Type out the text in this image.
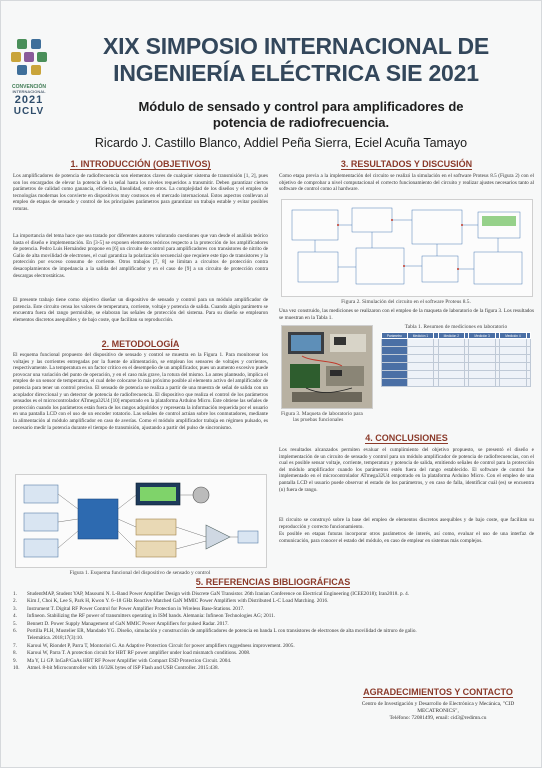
CONVENCIÓN
INTERNACIONAL
2021
UCLV
XIX SIMPOSIO INTERNACIONAL DE
INGENIERÍA ELÉCTRICA SIE 2021
Módulo de sensado y control para amplificadores de
potencia de radiofrecuencia.
Ricardo J. Castillo Blanco, Addiel Peña Sierra, Eciel Acuña Tamayo
1. INTRODUCCIÓN (OBJETIVOS)

Los amplificadores de potencia de radiofrecuencia son elementos claves de cualquier sistema de transmisión [1, 2], pues son los encargados de elevar la potencia de la señal hasta los niveles requeridos a transmitir. Deben garantizar ciertos parámetros de calidad como ganancia, eficiencia, linealidad, entre otros. La complejidad de los diseños y el empleo de tecnologías modernas los convierte en dispositivos muy costosos en el mercado internacional. Estos aspectos conllevan al empleo de etapas de sensado y control de los principales parámetros para garantizar un trabajo estable y evitar posibles roturas.

La importancia del tema hace que sea tratado por diferentes autores valorando cuestiones que van desde el análisis teórico hasta el diseño e implementación. En [3-5] se exponen elementos teóricos respecto a la protección de los amplificadores de potencia. Pedro Luis Hernández propone en [6] un circuito de control para amplificadores con transistores de nitrito de Galio de alta movilidad de electrones, el cual garantiza la polarización secuencial que requiere este tipo de transistores y la protección por exceso consumo de corriente. Otros trabajos [7, 8] se limitan a circuitos de protección contra desacoplamientos de impedancia a la salida del amplificador y en el caso de [9] a un circuito de protección contra descargas electrostáticas.

El presente trabajo tiene como objetivo diseñar un dispositivo de sensado y control para un módulo amplificador de potencia. Este circuito censa los valores de temperatura, corriente, voltaje y potencia de salida. Cuando algún parámetro se encuentra fuera del rango permisible, se elaboran las señales de protección del sistema. Para su diseño se emplearon elementos discretos asequibles y de bajo coste, que facilitan su reproducción.

2. METODOLOGÍA

El esquema funcional propuesto del dispositivo de sensado y control se muestra en la Figura 1. Para monitorear los voltajes y las corrientes entregadas por la fuente de alimentación, se emplean los sensores de voltajes y corrientes, respectivamente. La temperatura es un factor crítico en el desempeño de un amplificador, pues un aumento excesivo puede provocar una variación del punto de operación, y en el caso más grave, la rotura del mismo. Lo antes planteado, implica el empleo de un sensor de temperatura, el cual debe colocarse lo más próximo posible al elemento activo del amplificador de potencia para tener un control preciso. El sensado de potencia se realiza a partir de una muestra de señal de salida con un acoplador direccional y un detector de potencia de radiofrecuencia. El dispositivo que realiza el control de los parámetros sensados es el microcontrolador ATmega32U4 [10] empotrado en la plataforma Arduino Micro. Este obtiene las señales de protección cuando los parámetros están fuera de los rangos adquiridos y representa la información requerida por el usuario en una pantalla LCD con el uso de un encoder rotatorio. Las señales de control actúan sobre los conmutadores, mediante la alimentación al módulo amplificador en caso de averías. Como el módulo amplificador trabaja en régimen pulsado, es necesario medir la potencia durante el tiempo de transmisión, ajustando a partir del pulso de sincronismo.

Figura 1. Esquema funcional del dispositivo de sensado y control
3. RESULTADOS Y DISCUSIÓN

Como etapa previa a la implementación del circuito se realizó la simulación en el software Proteus 8.5 (Figura 2) con el objetivo de comprobar a nivel computacional el correcto funcionamiento del circuito y realizar ajustes necesarios tanto al software de control como al hardware.

Figura 2. Simulación del circuito en el software Proteus 8.5.

Una vez construido, las mediciones se realizaron con el empleo de la maqueta de laboratorio de la figura 3. Los resultados se muestran en la Tabla 1.

Tabla 1. Resumen de mediciones en laboratorio
Parámetro	Medición 1		Medición 2		Medición 3		Medición 4	

Figura 3. Maqueta de laboratorio para
las pruebas funcionales
4. CONCLUSIONES

Los resultados alcanzados permiten evaluar el cumplimiento del objetivo propuesto, se presentó el diseño e implementación de un circuito de sensado y control para un módulo amplificador de potencia de radiofrecuencias, con el cual es posible sensar voltaje, corriente, temperatura y potencia de salida, emitiendo señales de control para la protección del módulo amplificador cuando los parámetros estén fuera del rango establecido. El software de control fue implementado en el microcontrolador ATmega32U4 empotrado en la plataforma Arduino Micro. Con el empleo de una pantalla LCD el usuario puede observar el estado de los parámetros, y en caso de falla, identificar cuál (es) se encuentra (n) fuera de rango.

El circuito se construyó sobre la base del empleo de elementos discretos asequibles y de bajo coste, que facilitan su reproducción y correcto funcionamiento.

Es posible en etapas futuras incorporar otros parámetros de interés, así como, evaluar el uso de una interfaz de comunicación, para conocer el estado del módulo, en caso de emplear en sistemas más complejos.

5. REFERENCIAS BIBLIOGRÁFICAS
1. StudentMAP, Student YAP, Masoumi N. L-Band Power Amplifier Design with Discrete GaN Transistor. 26th Iranian Conference on Electrical Engineering (ICEE2018); Iran2018. p. 4.
2. Kim J, Choi K, Lee S, Park H, Kwon Y. 6–18 GHz Reactive Matched GaN MMIC Power Amplifiers with Distributed L-C Load Matching. 2016.
3. Instrument T. Digital RF Power Control for Power Amplifier Protection in Wireless Base-Stations. 2017.
4. Infineon. Stabilizing the RF power of transmitters operating in ISM bands. Alemania: Infineon Technologies AG; 2011.
5. Bennett D. Power Supply Management of GaN MMIC Power Amplifiers for pulsed Radar. 2017.
6. Portilla PLH, Mustelier ER, Mandado YG. Diseño, simulación y construcción de amplificadores de potencia en banda L con transistores de electrones de alta movilidad de nitruro de galio.
Telemática. 2018;17(3):10.
7. Karoui W, Riondet P, Parra T, Montoriol G. An Adaptive Protection Circuit for power amplifiers ruggedness improvement. 2005.
8. Karoui W, Parra T. A protection circuit for HBT RF power amplifier under load mismatch conditions. 2008.
9. Ma Y, Li GP. InGaP/GaAs HBT RF Power Amplifier with Compact ESD Protection Circuit. 2004.
10. Atmel. 8-bit Microcontroller with 16/32K bytes of ISP Flash and USB Controller. 2015:438.
AGRADECIMIENTOS Y CONTACTO
Centro de Investigación y Desarrollo de Electrónica y Mecánica, "CID MECATRONICS",
Teléfono: 72081499, email: cid3@redimn.cu
